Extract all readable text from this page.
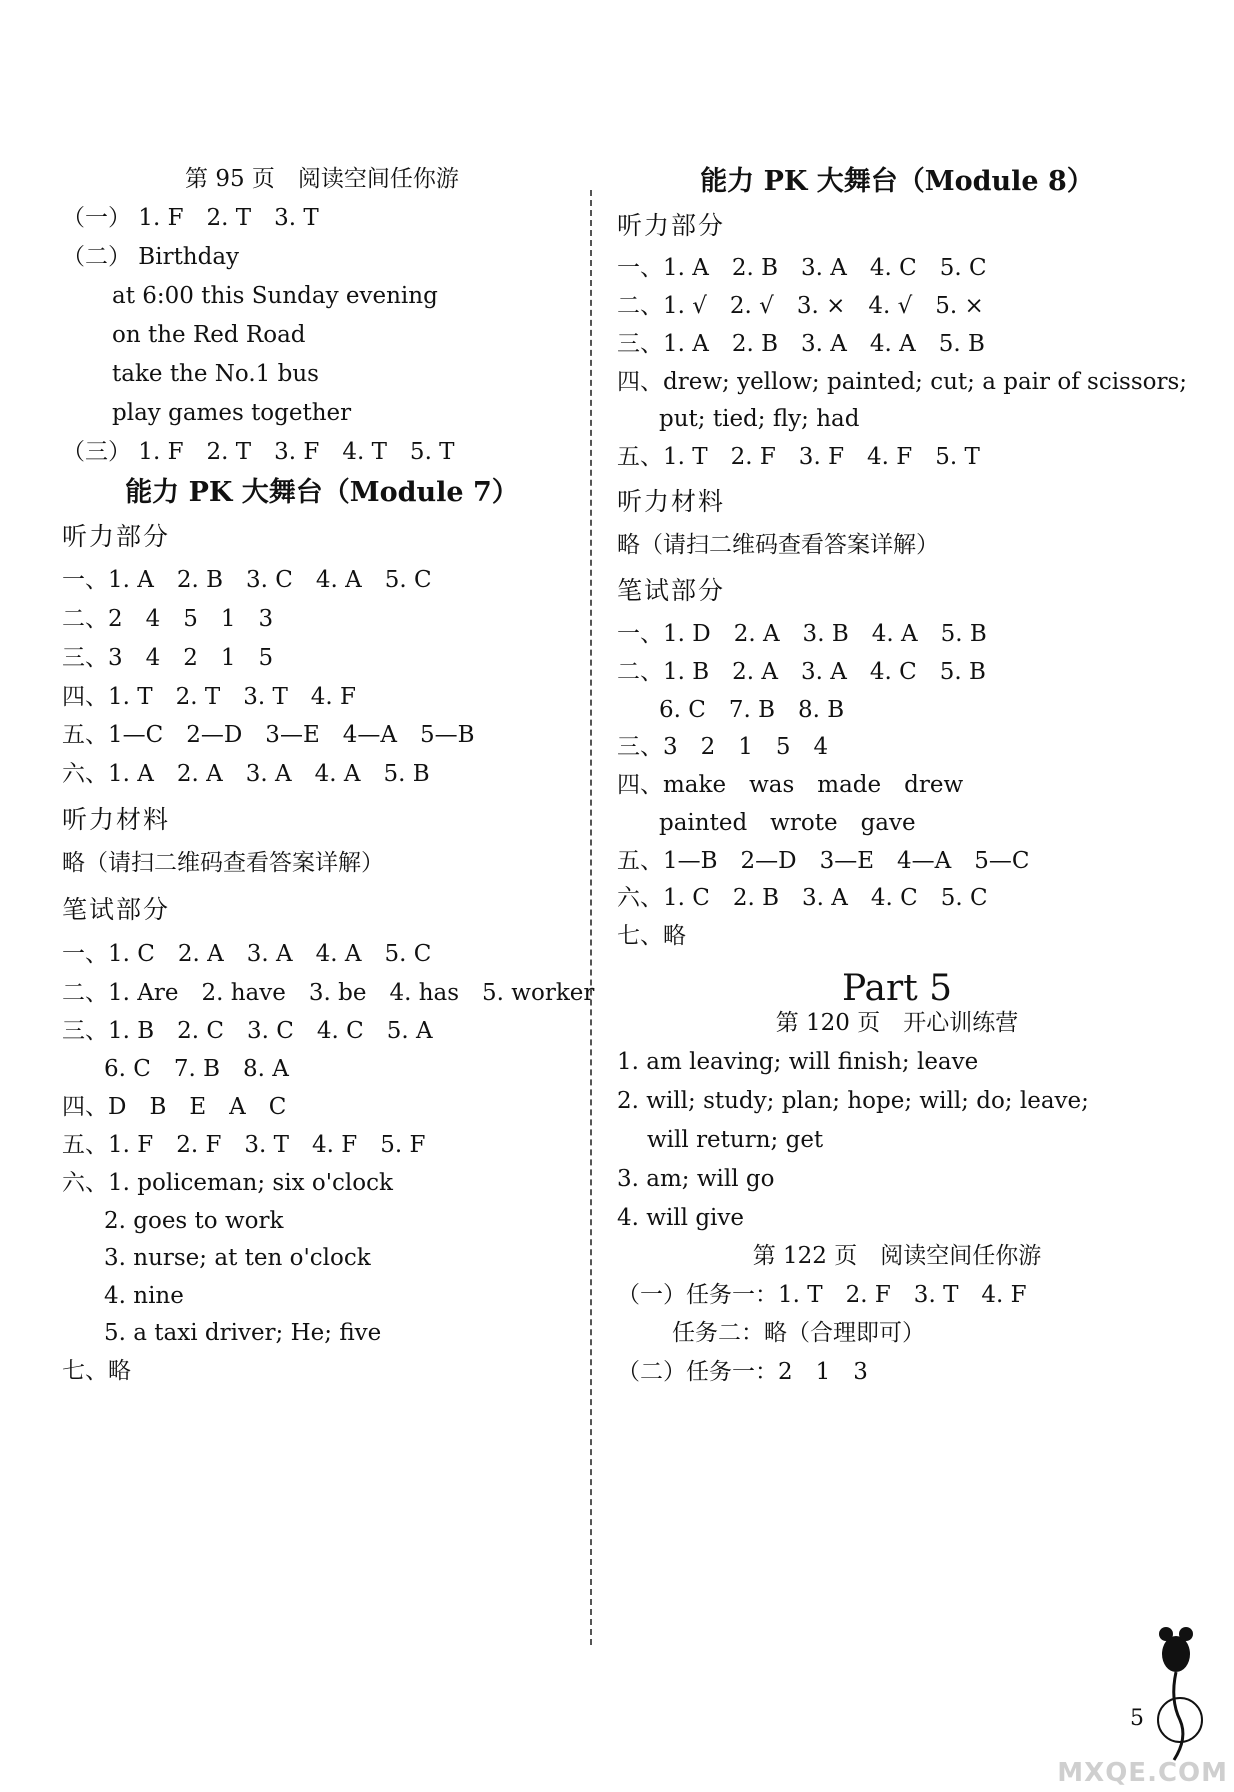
第 95 页　阅读空间任你游
（一） 1. F　2. T　3. T
（二） Birthday
at 6:00 this Sunday evening
on the Red Road
take the No.1 bus
play games together
（三） 1. F　2. T　3. F　4. T　5. T
能力 PK 大舞台（Module 7）
听力部分
一、1. A　2. B　3. C　4. A　5. C
二、2　4　5　1　3
三、3　4　2　1　5
四、1. T　2. T　3. T　4. F
五、1—C　2—D　3—E　4—A　5—B
六、1. A　2. A　3. A　4. A　5. B
听力材料
略（请扫二维码查看答案详解）
笔试部分
一、1. C　2. A　3. A　4. A　5. C
二、1. Are　2. have　3. be　4. has　5. worker
三、1. B　2. C　3. C　4. C　5. A
6. C　7. B　8. A
四、D　B　E　A　C
五、1. F　2. F　3. T　4. F　5. F
六、1. policeman; six o'clock
2. goes to work
3. nurse; at ten o'clock
4. nine
5. a taxi driver; He; five
七、略
能力 PK 大舞台（Module 8）
听力部分
一、1. A　2. B　3. A　4. C　5. C
二、1. √　2. √　3. ×　4. √　5. ×
三、1. A　2. B　3. A　4. A　5. B
四、drew; yellow; painted; cut; a pair of scissors;
put; tied; fly; had
五、1. T　2. F　3. F　4. F　5. T
听力材料
略（请扫二维码查看答案详解）
笔试部分
一、1. D　2. A　3. B　4. A　5. B
二、1. B　2. A　3. A　4. C　5. B
6. C　7. B　8. B
三、3　2　1　5　4
四、make　was　made　drew
painted　wrote　gave
五、1—B　2—D　3—E　4—A　5—C
六、1. C　2. B　3. A　4. C　5. C
七、略
Part 5
第 120 页　开心训练营
1. am leaving; will finish; leave
2. will; study; plan; hope; will; do; leave;
will return; get
3. am; will go
4. will give
第 122 页　阅读空间任你游
（一）任务一：1. T　2. F　3. T　4. F
任务二：略（合理即可）
（二）任务一：2　1　3
5
MXQE.COM
